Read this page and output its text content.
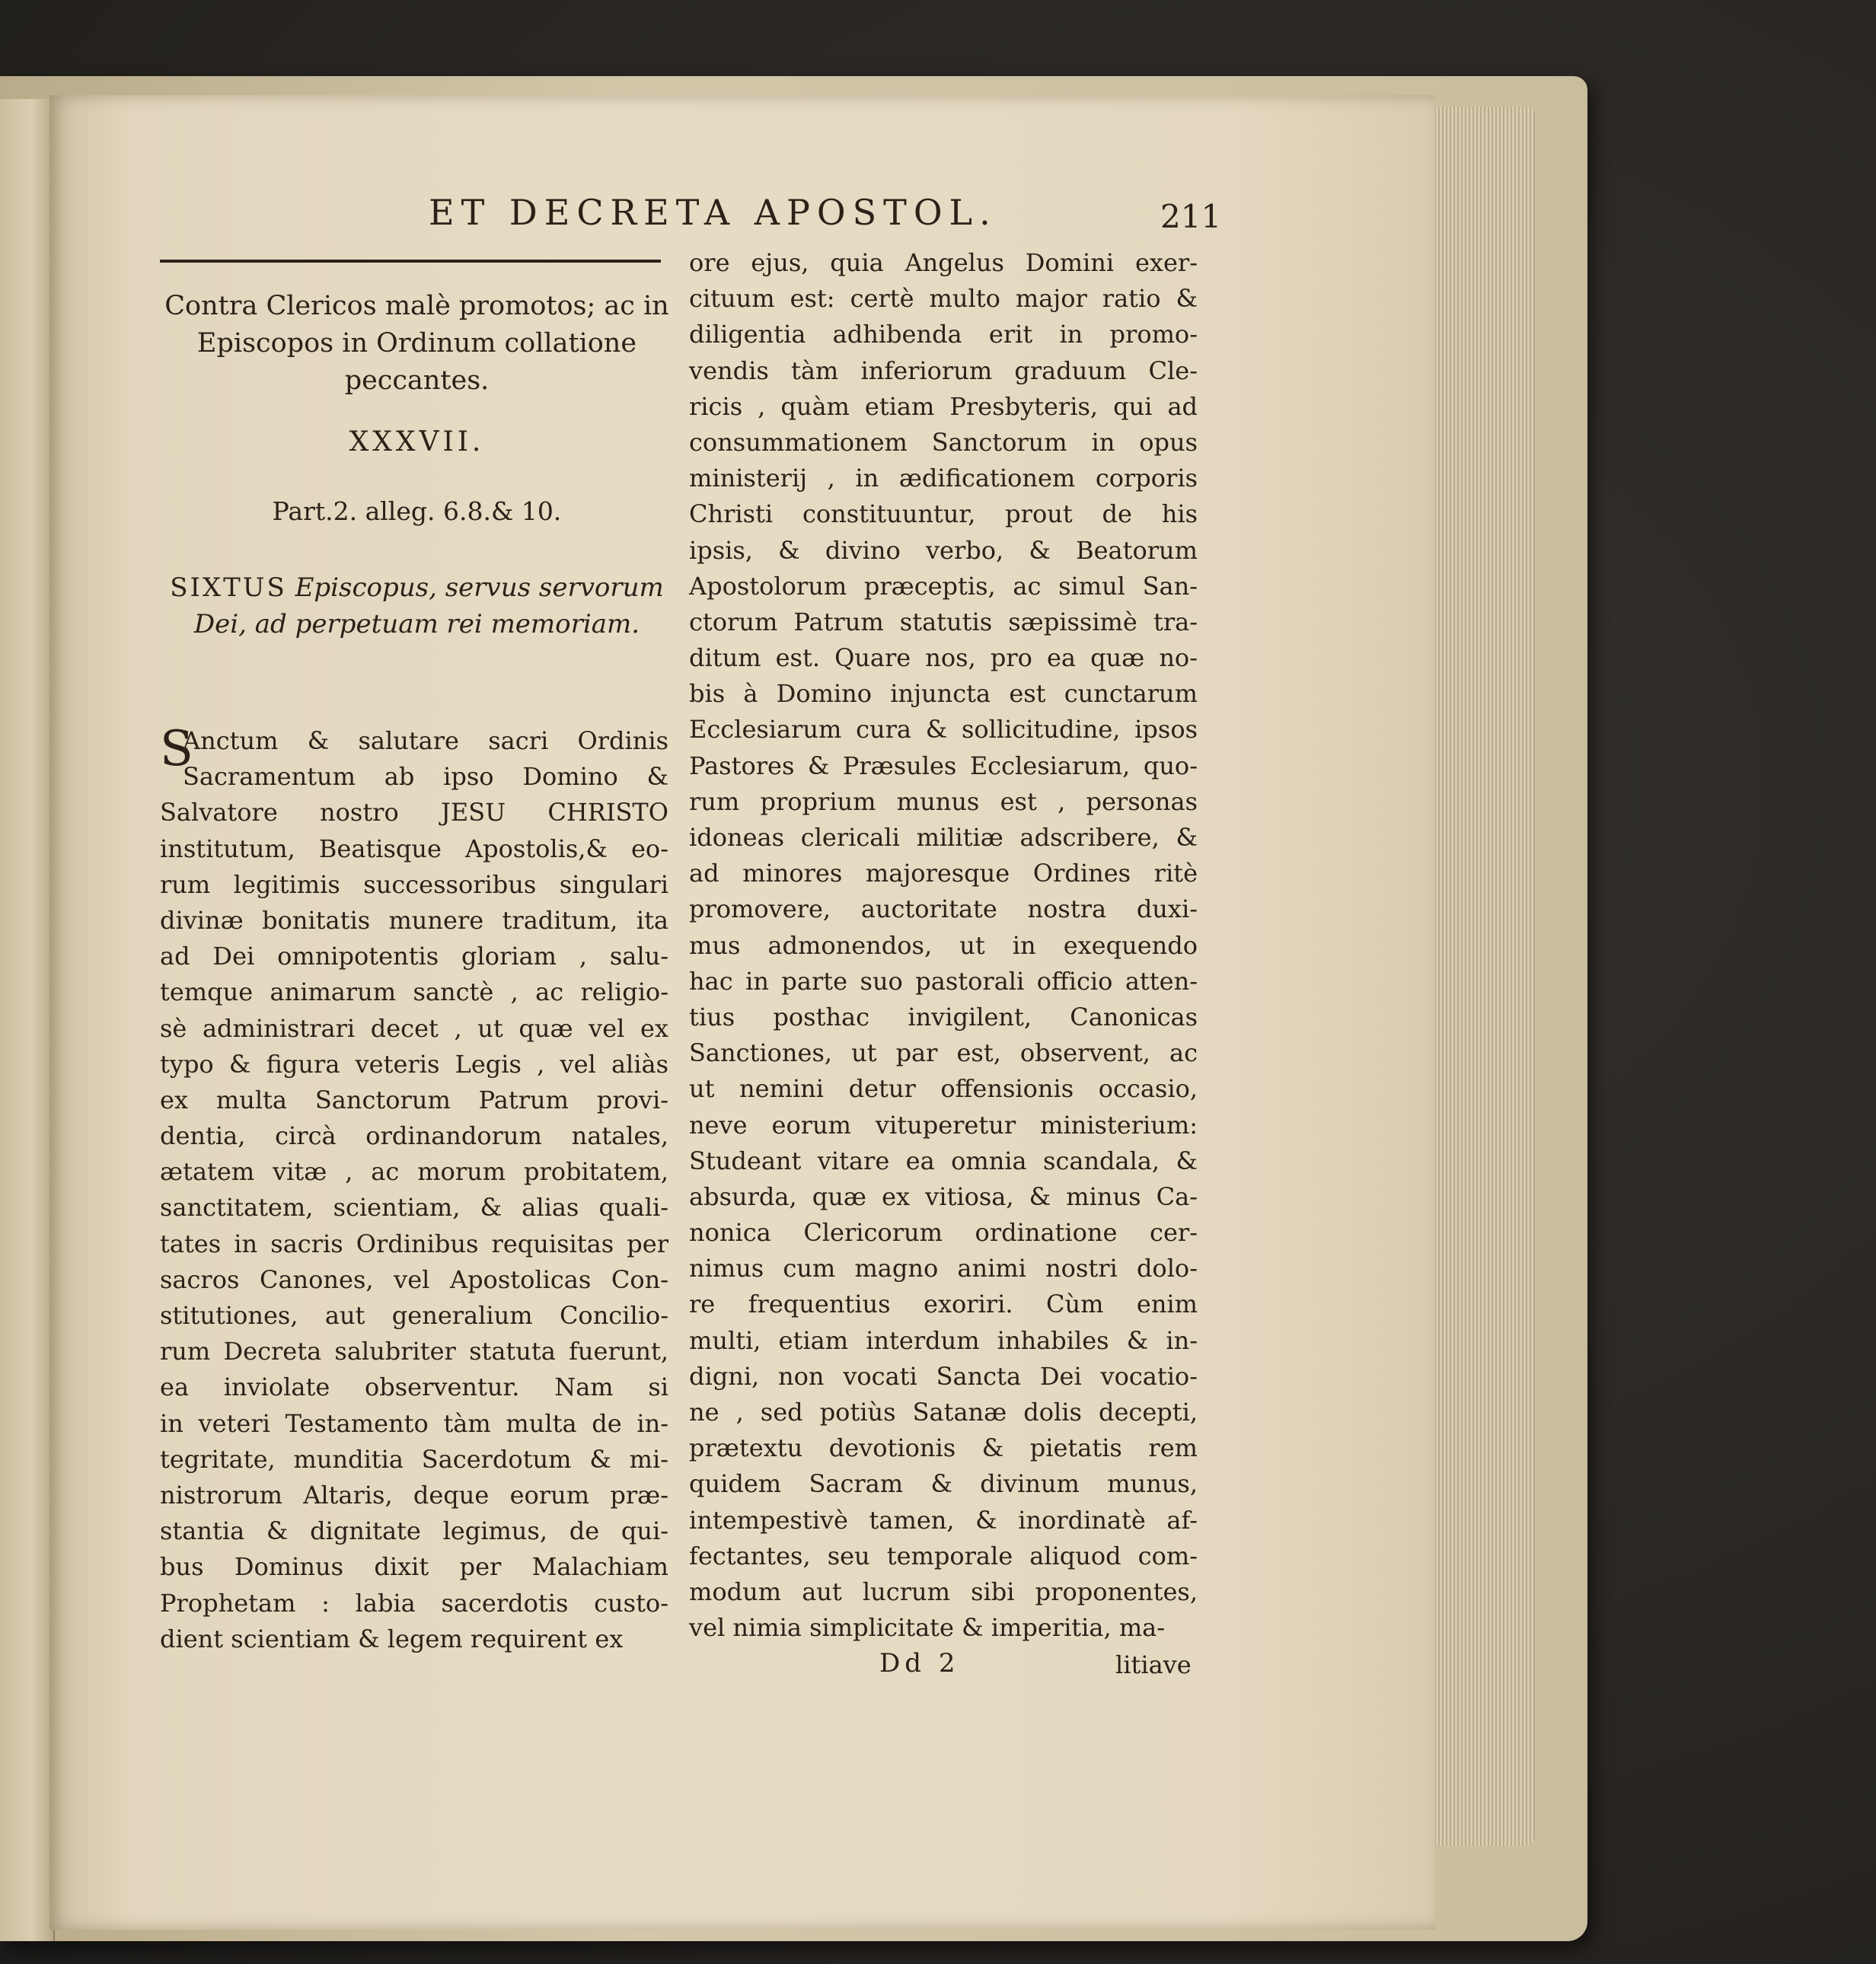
ET DECRETA APOSTOL.	211
Contra Clericos malè promotos; ac in Episcopos in Ordinum collatione peccantes.
XXXVII.
Part.2. alleg. 6.8.& 10.
SIXTUS Episcopus, servus servorum Dei, ad perpetuam rei memoriam.
S
Anctum & salutare sacri Ordinis
Sacramentum ab ipso Domino &
Salvatore nostro JESU CHRISTO
institutum, Beatisque Apostolis,& eo-
rum legitimis successoribus singulari
divinæ bonitatis munere traditum, ita
ad Dei omnipotentis gloriam , salu-
temque animarum sanctè , ac religio-
sè administrari decet , ut quæ vel ex
typo & figura veteris Legis , vel aliàs
ex multa Sanctorum Patrum provi-
dentia, circà ordinandorum natales,
ætatem vitæ , ac morum probitatem,
sanctitatem, scientiam, & alias quali-
tates in sacris Ordinibus requisitas per
sacros Canones, vel Apostolicas Con-
stitutiones, aut generalium Concilio-
rum Decreta salubriter statuta fuerunt,
ea inviolate observentur. Nam si
in veteri Testamento tàm multa de in-
tegritate, munditia Sacerdotum & mi-
nistrorum Altaris, deque eorum præ-
stantia & dignitate legimus, de qui-
bus Dominus dixit per Malachiam
Prophetam : labia sacerdotis custo-
dient scientiam & legem requirent ex
ore ejus, quia Angelus Domini exer-
cituum est: certè multo major ratio &
diligentia adhibenda erit in promo-
vendis tàm inferiorum graduum Cle-
ricis , quàm etiam Presbyteris, qui ad
consummationem Sanctorum in opus
ministerij , in ædificationem corporis
Christi constituuntur, prout de his
ipsis, & divino verbo, & Beatorum
Apostolorum præceptis, ac simul San-
ctorum Patrum statutis sæpissimè tra-
ditum est. Quare nos, pro ea quæ no-
bis à Domino injuncta est cunctarum
Ecclesiarum cura & sollicitudine, ipsos
Pastores & Præsules Ecclesiarum, quo-
rum proprium munus est , personas
idoneas clericali militiæ adscribere, &
ad minores majoresque Ordines ritè
promovere, auctoritate nostra duxi-
mus admonendos, ut in exequendo
hac in parte suo pastorali officio atten-
tius posthac invigilent, Canonicas
Sanctiones, ut par est, observent, ac
ut nemini detur offensionis occasio,
neve eorum vituperetur ministerium:
Studeant vitare ea omnia scandala, &
absurda, quæ ex vitiosa, & minus Ca-
nonica Clericorum ordinatione cer-
nimus cum magno animi nostri dolo-
re frequentius exoriri. Cùm enim
multi, etiam interdum inhabiles & in-
digni, non vocati Sancta Dei vocatio-
ne , sed potiùs Satanæ dolis decepti,
prætextu devotionis & pietatis rem
quidem Sacram & divinum munus,
intempestivè tamen, & inordinatè af-
fectantes, seu temporale aliquod com-
modum aut lucrum sibi proponentes,
vel nimia simplicitate & imperitia, ma-
Dd 2	litiave
